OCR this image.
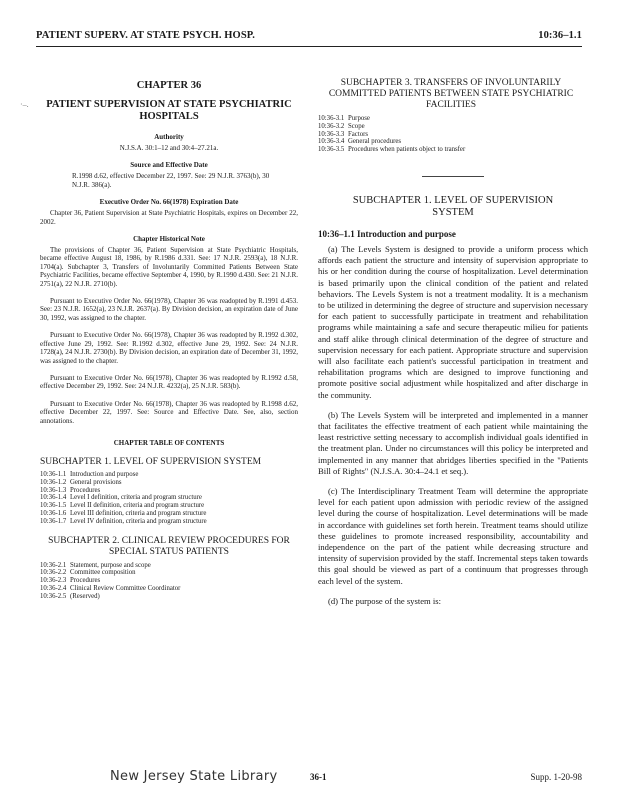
PATIENT SUPERV. AT STATE PSYCH. HOSP.	10:36–1.1
·–.
CHAPTER 36
PATIENT SUPERVISION AT STATE PSYCHIATRIC HOSPITALS
Authority
N.J.S.A. 30:1–12 and 30:4–27.21a.
Source and Effective Date
R.1998 d.62, effective December 22, 1997. See: 29 N.J.R. 3763(b), 30 N.J.R. 386(a).
Executive Order No. 66(1978) Expiration Date
Chapter 36, Patient Supervision at State Psychiatric Hospitals, expires on December 22, 2002.
Chapter Historical Note
The provisions of Chapter 36, Patient Supervision at State Psychiatric Hospitals, became effective August 18, 1986, by R.1986 d.331. See: 17 N.J.R. 2593(a), 18 N.J.R. 1704(a). Subchapter 3, Transfers of Involuntarily Committed Patients Between State Psychiatric Facilities, became effective September 4, 1990, by R.1990 d.430. See: 21 N.J.R. 2751(a), 22 N.J.R. 2710(b).
Pursuant to Executive Order No. 66(1978), Chapter 36 was readopted by R.1991 d.453. See: 23 N.J.R. 1652(a), 23 N.J.R. 2637(a). By Division decision, an expiration date of June 30, 1992, was assigned to the chapter.
Pursuant to Executive Order No. 66(1978), Chapter 36 was readopted by R.1992 d.302, effective June 29, 1992. See: R.1992 d.302, effective June 29, 1992. See: 24 N.J.R. 1728(a), 24 N.J.R. 2730(b). By Division decision, an expiration date of December 31, 1992, was assigned to the chapter.
Pursuant to Executive Order No. 66(1978), Chapter 36 was readopted by R.1992 d.58, effective December 29, 1992. See: 24 N.J.R. 4232(a), 25 N.J.R. 583(b).
Pursuant to Executive Order No. 66(1978), Chapter 36 was readopted by R.1998 d.62, effective December 22, 1997. See: Source and Effective Date. See, also, section annotations.
CHAPTER TABLE OF CONTENTS
SUBCHAPTER 1. LEVEL OF SUPERVISION SYSTEM
10:36-1.1	Introduction and purpose
10:36-1.2	General provisions
10:36-1.3	Procedures
10:36-1.4	Level I definition, criteria and program structure
10:36-1.5	Level II definition, criteria and program structure
10:36-1.6	Level III definition, criteria and program structure
10:36-1.7	Level IV definition, criteria and program structure
SUBCHAPTER 2. CLINICAL REVIEW PROCEDURES FOR SPECIAL STATUS PATIENTS
10:36-2.1	Statement, purpose and scope
10:36-2.2	Committee composition
10:36-2.3	Procedures
10:36-2.4	Clinical Review Committee Coordinator
10:36-2.5	(Reserved)
SUBCHAPTER 3. TRANSFERS OF INVOLUNTARILY COMMITTED PATIENTS BETWEEN STATE PSYCHIATRIC FACILITIES
10:36-3.1	Purpose
10:36-3.2	Scope
10:36-3.3	Factors
10:36-3.4	General procedures
10:36-3.5	Procedures when patients object to transfer
SUBCHAPTER 1. LEVEL OF SUPERVISION SYSTEM
10:36–1.1 Introduction and purpose
(a) The Levels System is designed to provide a uniform process which affords each patient the structure and intensity of supervision appropriate to his or her condition during the course of hospitalization. Level determination is based primarily upon the clinical condition of the patient and related behaviors. The Levels System is not a treatment modality. It is a mechanism to be utilized in determining the degree of structure and supervision necessary for each patient to successfully participate in treatment and rehabilitation programs while maintaining a safe and secure therapeutic milieu for patients and staff alike through clinical determination of the degree of structure and supervision necessary for each patient. Appropriate structure and supervision will also facilitate each patient's successful participation in treatment and rehabilitation programs which are designed to improve functioning and promote positive social adjustment while hospitalized and after discharge in the community.
(b) The Levels System will be interpreted and implemented in a manner that facilitates the effective treatment of each patient while maintaining the least restrictive setting necessary to accomplish individual goals identified in the treatment plan. Under no circumstances will this policy be interpreted and implemented in any manner that abridges liberties specified in the "Patients Bill of Rights" (N.J.S.A. 30:4–24.1 et seq.).
(c) The Interdisciplinary Treatment Team will determine the appropriate level for each patient upon admission with periodic review of the assigned level during the course of hospitalization. Level determinations will be made in accordance with guidelines set forth herein. Treatment teams should utilize these guidelines to promote increased responsibility, accountability and independence on the part of the patient while decreasing structure and intensity of supervision provided by the staff. Incremental steps taken towards this goal should be viewed as part of a continuum that progresses through each level of the system.
(d) The purpose of the system is:
New Jersey State Library	36-1	Supp. 1-20-98
